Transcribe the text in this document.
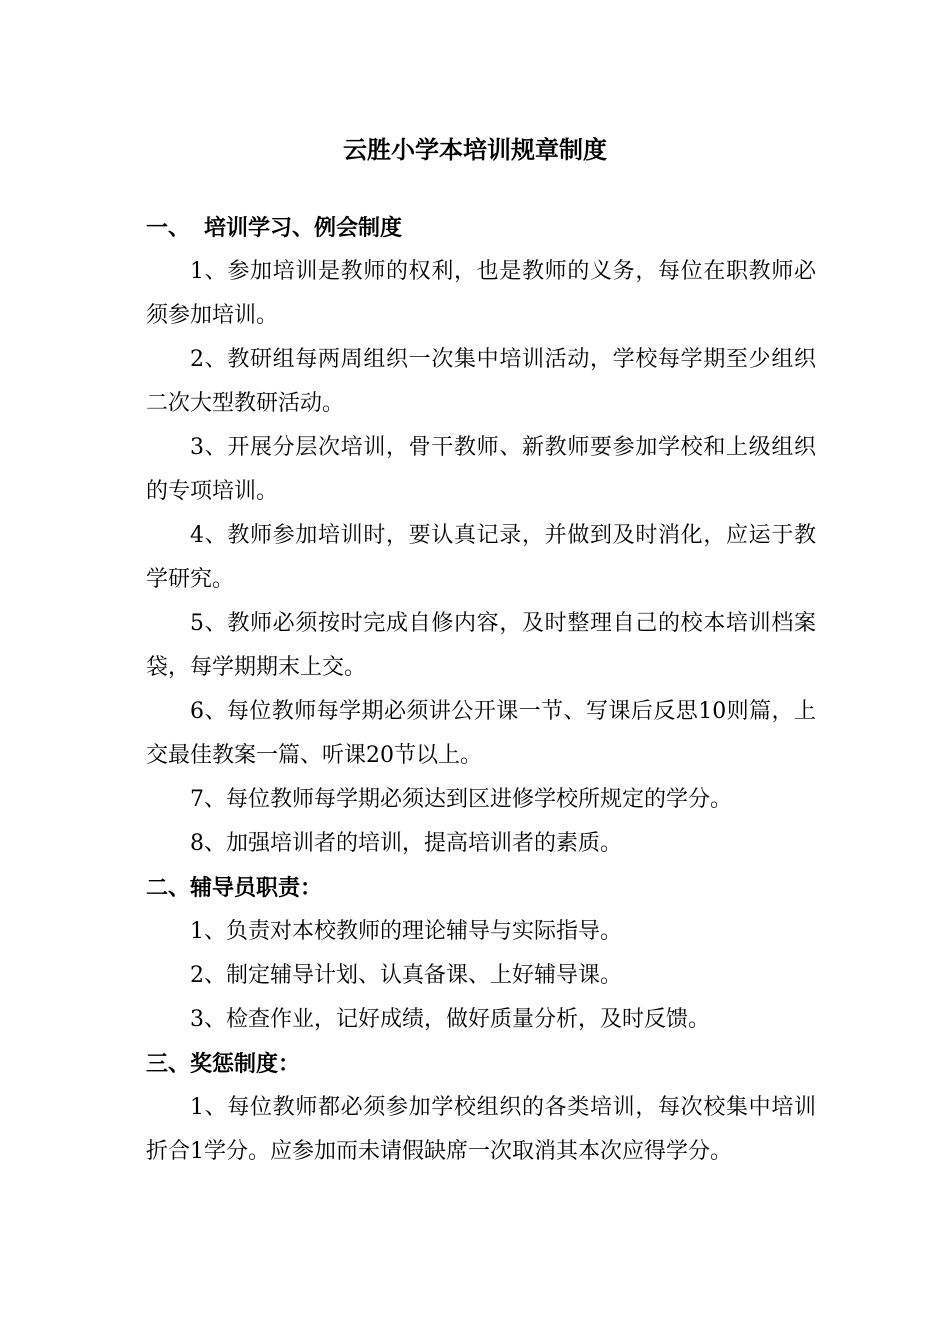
云胜小学本培训规章制度
一、 培训学习、例会制度

1、参加培训是教师的权利，也是教师的义务，每位在职教师必须参加培训。

2、教研组每两周组织一次集中培训活动，学校每学期至少组织二次大型教研活动。

3、开展分层次培训，骨干教师、新教师要参加学校和上级组织的专项培训。

4、教师参加培训时，要认真记录，并做到及时消化，应运于教学研究。

5、教师必须按时完成自修内容，及时整理自己的校本培训档案袋，每学期期末上交。

6、每位教师每学期必须讲公开课一节、写课后反思10则篇，上交最佳教案一篇、听课20节以上。

7、每位教师每学期必须达到区进修学校所规定的学分。

8、加强培训者的培训，提高培训者的素质。

二、辅导员职责：

1、负责对本校教师的理论辅导与实际指导。

2、制定辅导计划、认真备课、上好辅导课。

3、检查作业，记好成绩，做好质量分析，及时反馈。

三、奖惩制度：

1、每位教师都必须参加学校组织的各类培训，每次校集中培训折合1学分。应参加而未请假缺席一次取消其本次应得学分。
